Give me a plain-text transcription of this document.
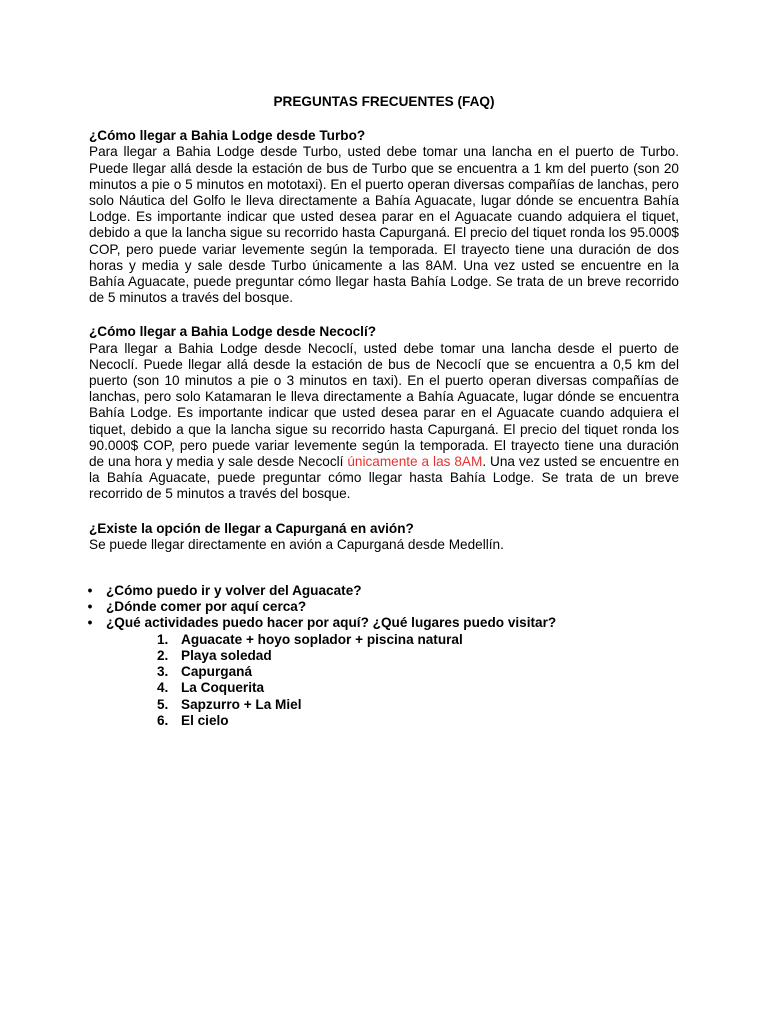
PREGUNTAS FRECUENTES (FAQ)

¿Cómo llegar a Bahia Lodge desde Turbo?

Para llegar a Bahia Lodge desde Turbo, usted debe tomar una lancha en el puerto de Turbo. Puede llegar allá desde la estación de bus de Turbo que se encuentra a 1 km del puerto (son 20 minutos a pie o 5 minutos en mototaxi). En el puerto operan diversas compañías de lanchas, pero solo Náutica del Golfo le lleva directamente a Bahía Aguacate, lugar dónde se encuentra Bahía Lodge. Es importante indicar que usted desea parar en el Aguacate cuando adquiera el tiquet, debido a que la lancha sigue su recorrido hasta Capurganá. El precio del tiquet ronda los 95.000$ COP, pero puede variar levemente según la temporada. El trayecto tiene una duración de dos horas y media y sale desde Turbo únicamente a las 8AM. Una vez usted se encuentre en la Bahía Aguacate, puede preguntar cómo llegar hasta Bahía Lodge. Se trata de un breve recorrido de 5 minutos a través del bosque.

¿Cómo llegar a Bahia Lodge desde Necoclí?

Para llegar a Bahia Lodge desde Necoclí, usted debe tomar una lancha desde el puerto de Necoclí. Puede llegar allá desde la estación de bus de Necoclí que se encuentra a 0,5 km del puerto (son 10 minutos a pie o 3 minutos en taxi). En el puerto operan diversas compañías de lanchas, pero solo Katamaran le lleva directamente a Bahía Aguacate, lugar dónde se encuentra Bahía Lodge. Es importante indicar que usted desea parar en el Aguacate cuando adquiera el tiquet, debido a que la lancha sigue su recorrido hasta Capurganá. El precio del tiquet ronda los 90.000$ COP, pero puede variar levemente según la temporada. El trayecto tiene una duración de una hora y media y sale desde Necoclí únicamente a las 8AM. Una vez usted se encuentre en la Bahía Aguacate, puede preguntar cómo llegar hasta Bahía Lodge. Se trata de un breve recorrido de 5 minutos a través del bosque.

¿Existe la opción de llegar a Capurganá en avión?

Se puede llegar directamente en avión a Capurganá desde Medellín.

•	¿Cómo puedo ir y volver del Aguacate?
•	¿Dónde comer por aquí cerca?
•	¿Qué actividades puedo hacer por aquí? ¿Qué lugares puedo visitar?
1. Aguacate + hoyo soplador + piscina natural
2. Playa soledad
3. Capurganá
4. La Coquerita
5. Sapzurro + La Miel
6. El cielo
